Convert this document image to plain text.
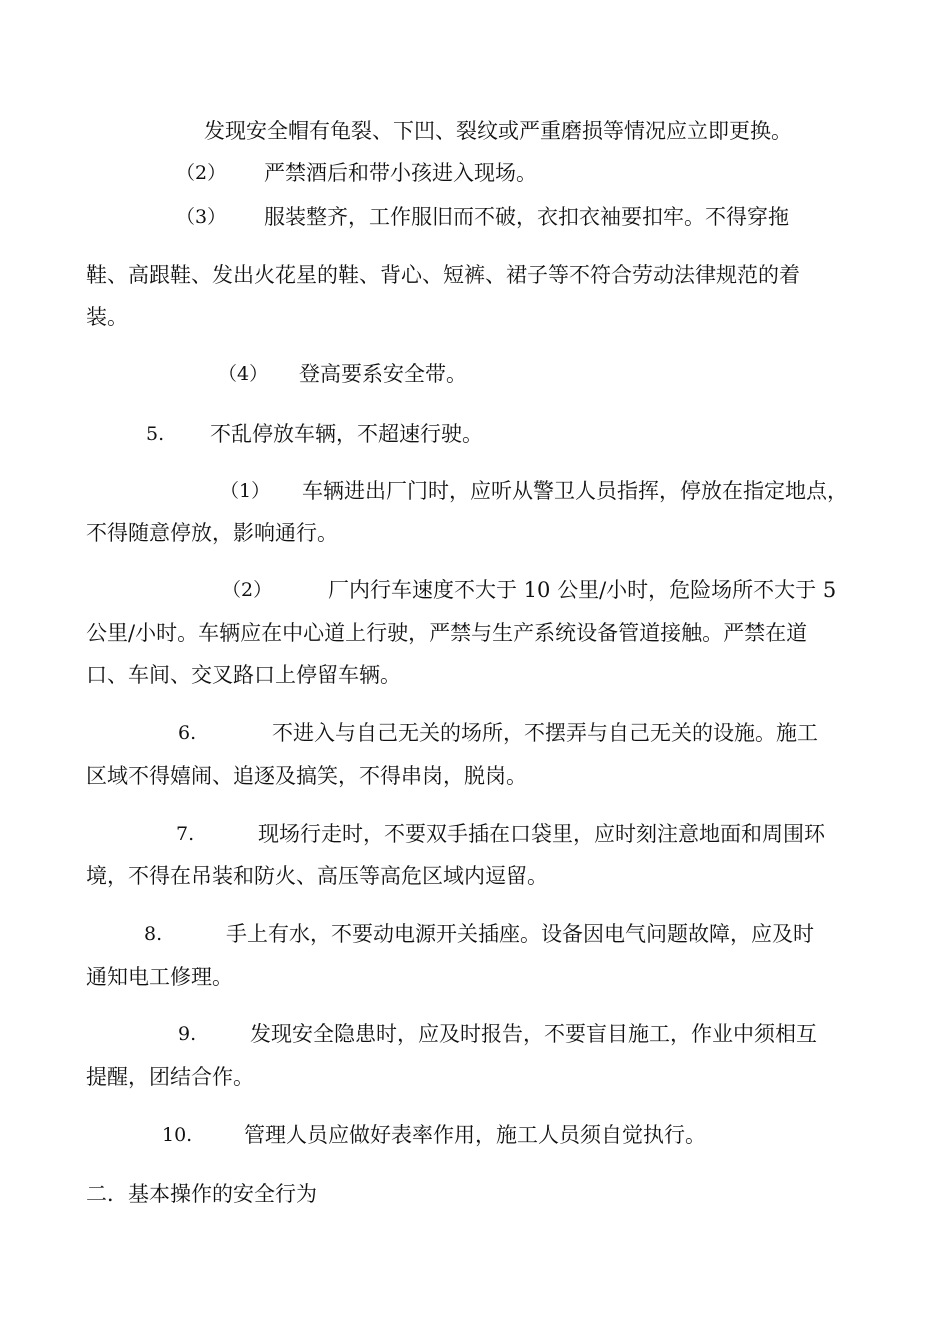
发现安全帽有龟裂、下凹、裂纹或严重磨损等情况应立即更换。
（2） 严禁酒后和带小孩进入现场。
（3） 服装整齐，工作服旧而不破，衣扣衣袖要扣牢。不得穿拖
鞋、高跟鞋、发出火花星的鞋、背心、短裤、裙子等不符合劳动法律规范的着
装。
（4） 登高要系安全带。
5. 不乱停放车辆，不超速行驶。
（1） 车辆进出厂门时，应听从警卫人员指挥，停放在指定地点，
不得随意停放，影响通行。
（2）	厂内行车速度不大于 10 公里/小时，危险场所不大于 5
公里/小时。车辆应在中心道上行驶，严禁与生产系统设备管道接触。严禁在道
口、车间、交叉路口上停留车辆。
6.	不进入与自己无关的场所，不摆弄与自己无关的设施。施工
区域不得嬉闹、追逐及搞笑，不得串岗，脱岗。
7.	现场行走时，不要双手插在口袋里，应时刻注意地面和周围环
境，不得在吊装和防火、高压等高危区域内逗留。
8.	手上有水，不要动电源开关插座。设备因电气问题故障，应及时
通知电工修理。
9.	发现安全隐患时，应及时报告，不要盲目施工，作业中须相互
提醒，团结合作。
10. 管理人员应做好表率作用，施工人员须自觉执行。
二．基本操作的安全行为
